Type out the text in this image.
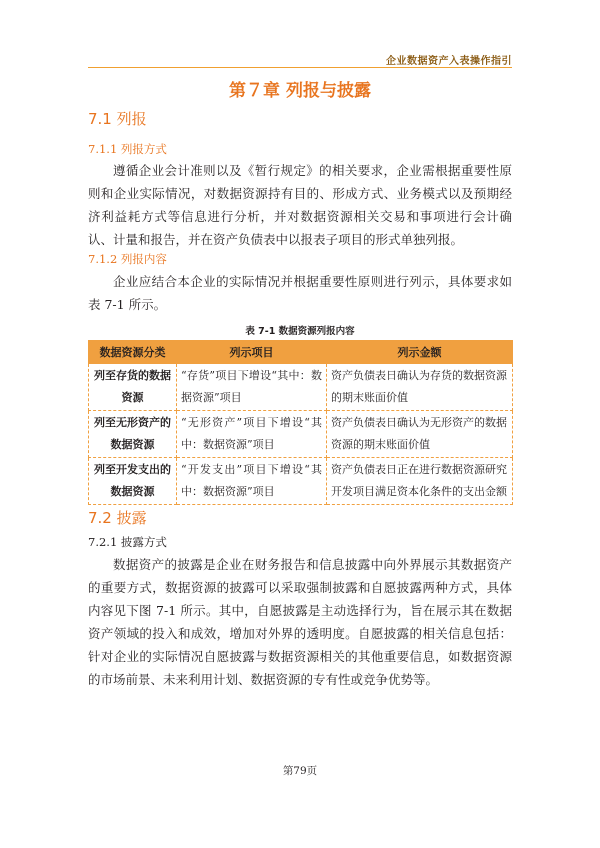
企业数据资产入表操作指引
第７章 列报与披露
7.1 列报
7.1.1 列报方式

遵循企业会计准则以及《暂行规定》的相关要求，企业需根据重要性原则和企业实际情况，对数据资源持有目的、形成方式、业务模式以及预期经济利益耗方式等信息进行分析，并对数据资源相关交易和事项进行会计确认、计量和报告，并在资产负债表中以报表子项目的形式单独列报。

7.1.2 列报内容

企业应结合本企业的实际情况并根据重要性原则进行列示，具体要求如表 7-1 所示。

表 7-1 数据资源列报内容
数据资源分类	列示项目	列示金额
列至存货的数据资源	“存货”项目下增设“其中：数据资源”项目	资产负债表日确认为存货的数据资源的期末账面价值
列至无形资产的数据资源	“无形资产”项目下增设“其中：数据资源”项目	资产负债表日确认为无形资产的数据资源的期末账面价值
列至开发支出的数据资源	“开发支出”项目下增设“其中：数据资源”项目	资产负债表日正在进行数据资源研究开发项目满足资本化条件的支出金额
7.2 披露
7.2.1 披露方式

数据资产的披露是企业在财务报告和信息披露中向外界展示其数据资产的重要方式，数据资源的披露可以采取强制披露和自愿披露两种方式，具体内容见下图 7-1 所示。其中，自愿披露是主动选择行为，旨在展示其在数据资产领域的投入和成效，增加对外界的透明度。自愿披露的相关信息包括：针对企业的实际情况自愿披露与数据资源相关的其他重要信息，如数据资源的市场前景、未来利用计划、数据资源的专有性或竞争优势等。

第79页
